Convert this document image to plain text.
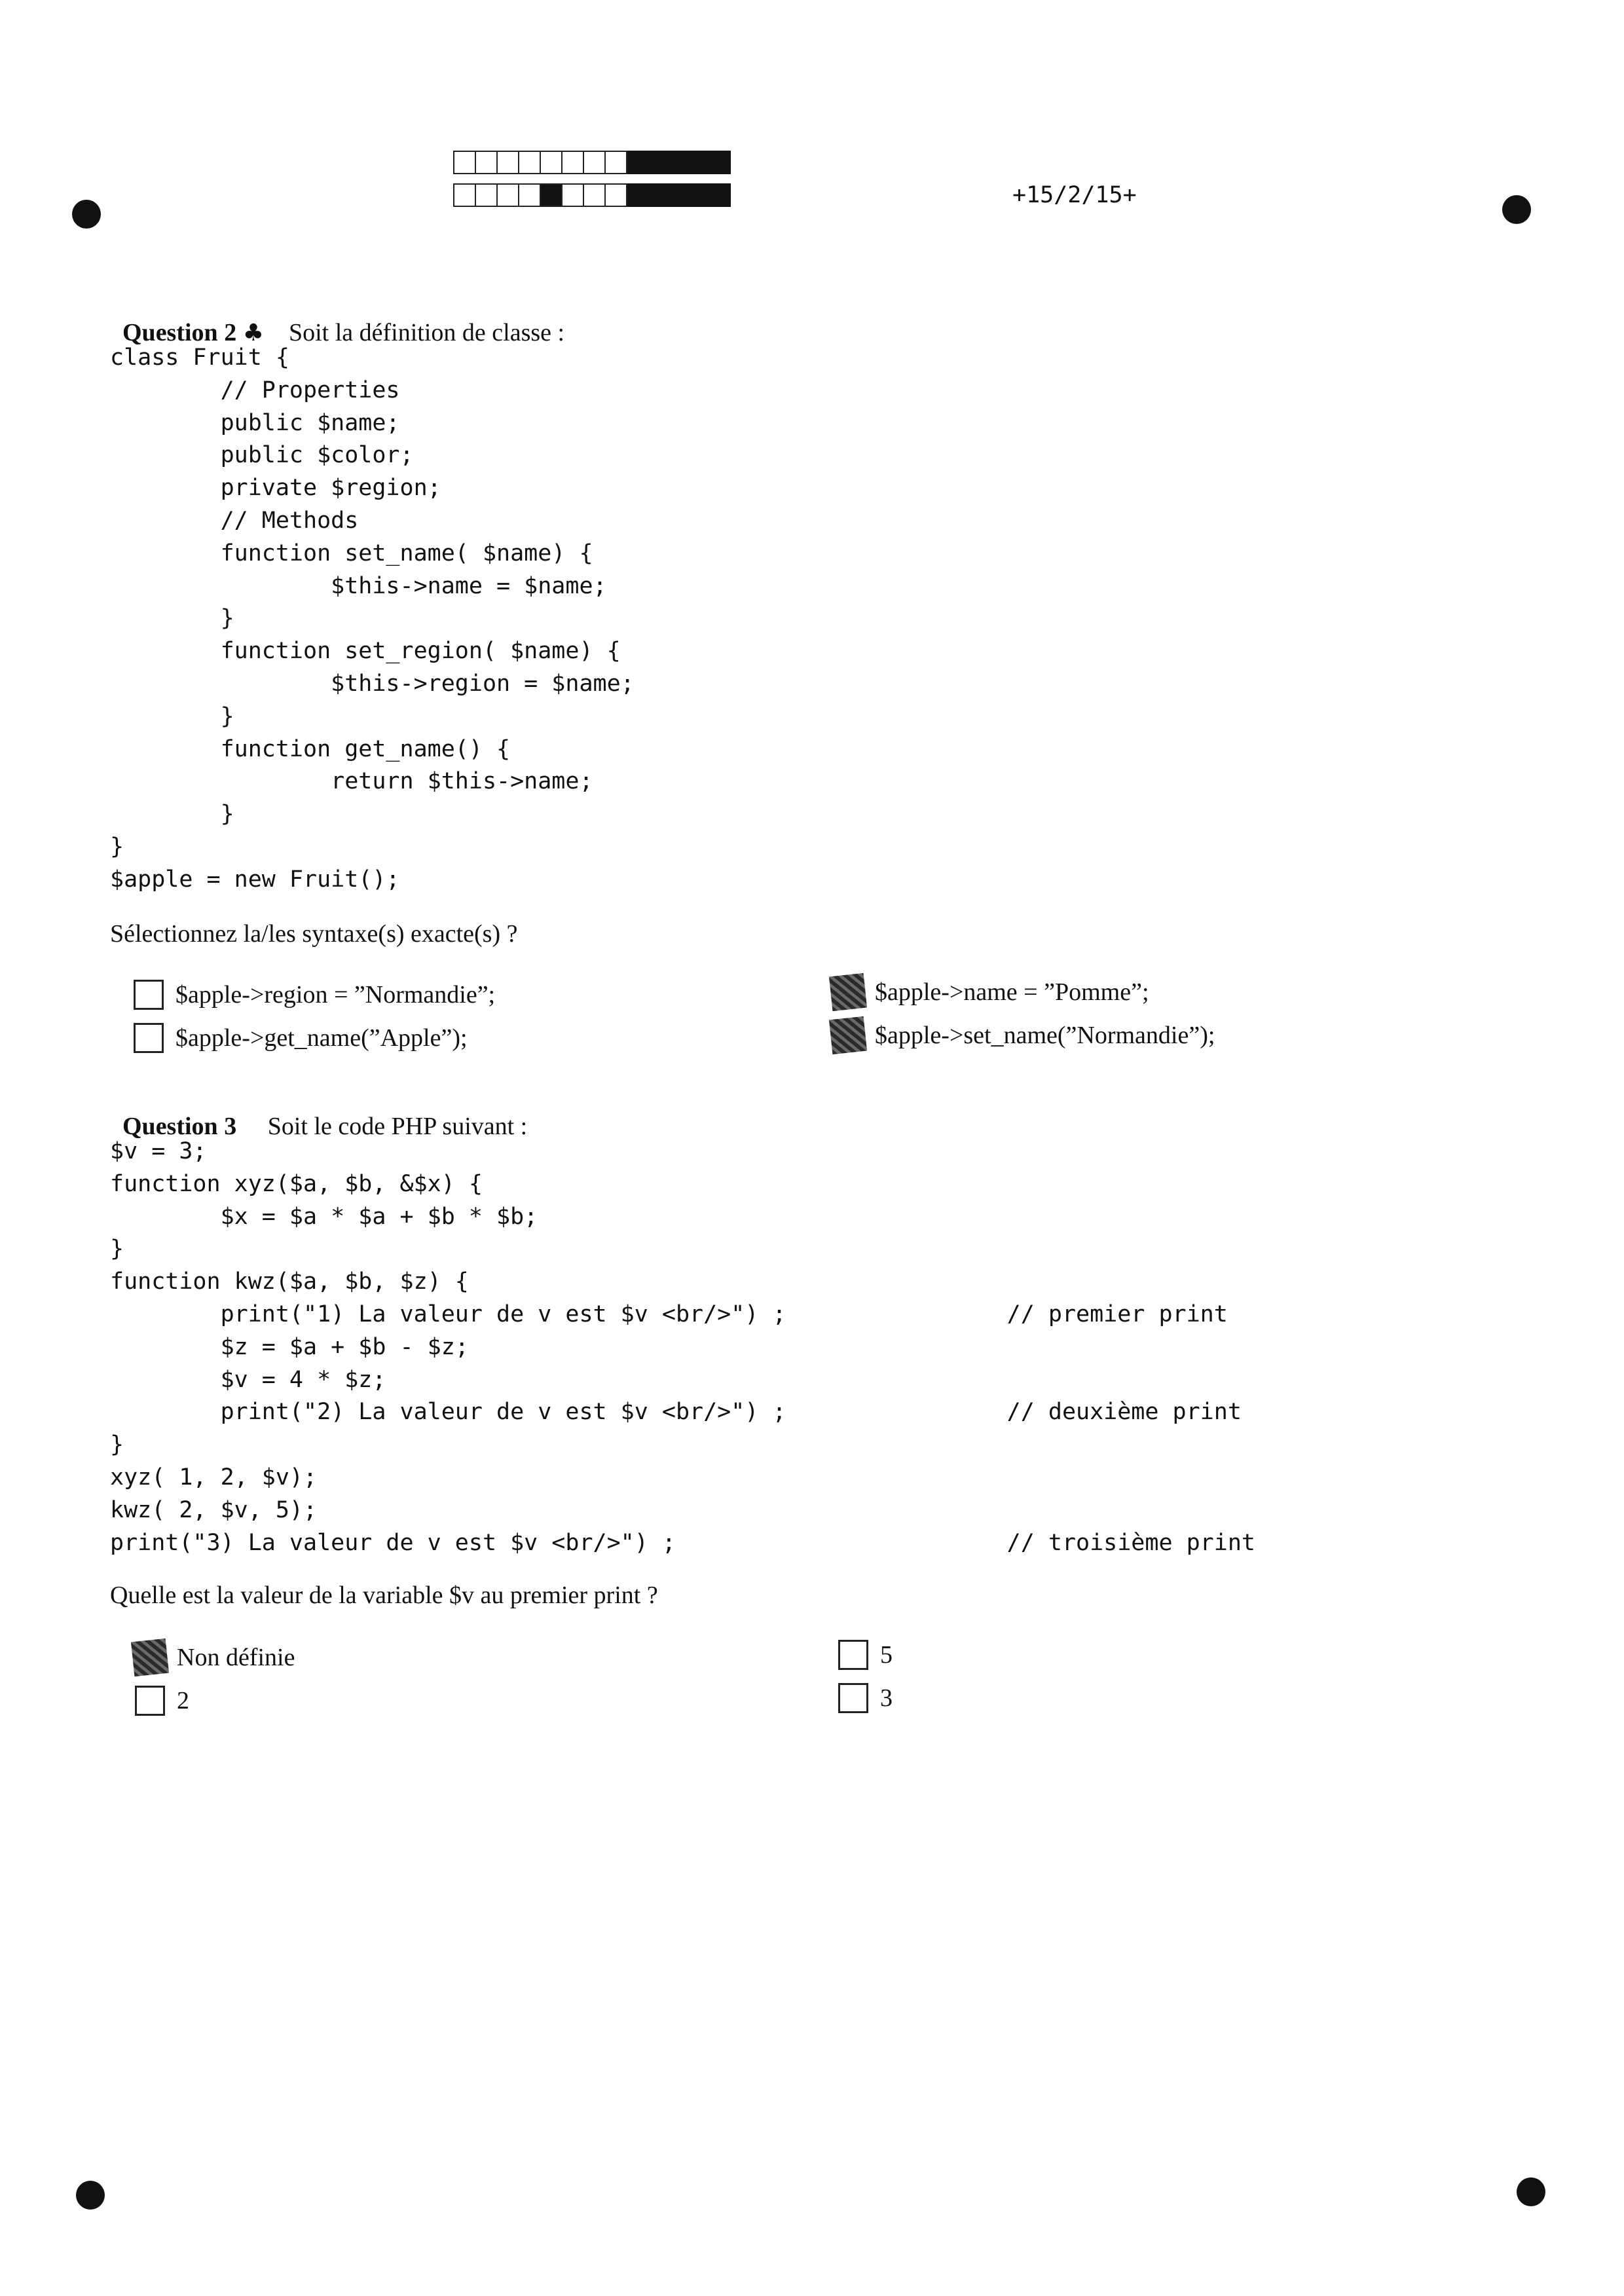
+15/2/15+

Question 2 ♣ Soit la définition de classe :

class Fruit {
// Properties
public $name;
public $color;
private $region;
// Methods
function set_name( $name) {
$this->name = $name;
}
function set_region( $name) {
$this->region = $name;
}
function get_name() {
return $this->name;
}
}
$apple = new Fruit();
Sélectionnez la/les syntaxe(s) exacte(s) ?
$apple->region = ”Normandie”;
$apple->get_name(”Apple”);
$apple->name = ”Pomme”;
$apple->set_name(”Normandie”);

Question 3 Soit le code PHP suivant :

$v = 3;
function xyz($a, $b, &$x) {
$x = $a * $a + $b * $b;
}
function kwz($a, $b, $z) {
print("1) La valeur de v est $v <br/>") ;                // premier print
$z = $a + $b - $z;
$v = 4 * $z;
print("2) La valeur de v est $v <br/>") ;                // deuxième print
}
xyz( 1, 2, $v);
kwz( 2, $v, 5);
print("3) La valeur de v est $v <br/>") ;                        // troisième print
Quelle est la valeur de la variable $v au premier print ?
Non définie
2
5
3
